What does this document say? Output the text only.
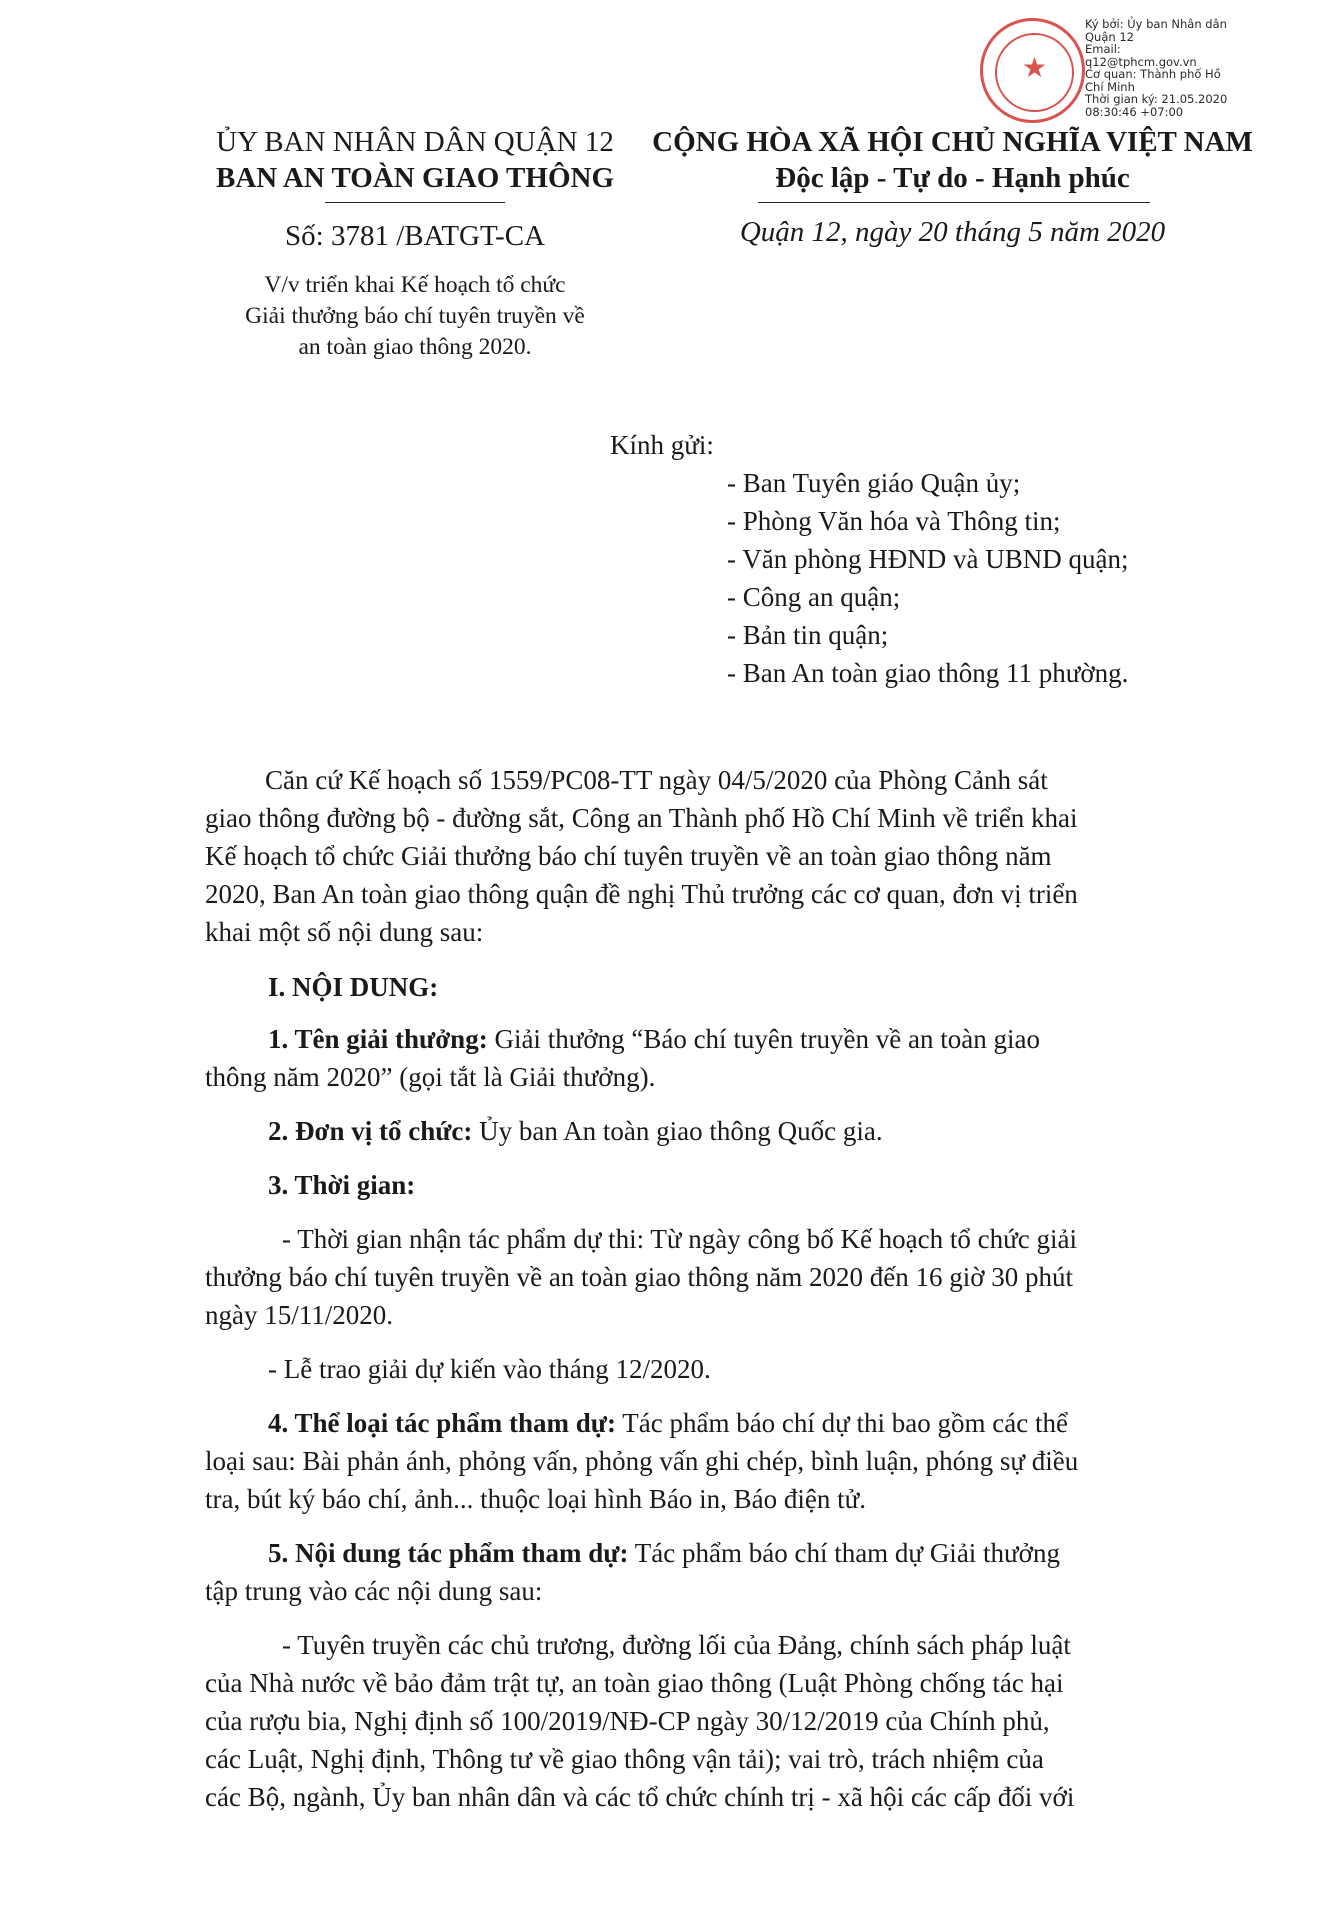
★
Ký bởi: Ủy ban Nhân dân
Quận 12
Email:
q12@tphcm.gov.vn
Cơ quan: Thành phố Hồ
Chí Minh
Thời gian ký: 21.05.2020
08:30:46 +07:00
ỦY BAN NHÂN DÂN QUẬN 12
BAN AN TOÀN GIAO THÔNG
Số: 3781 /BATGT-CA
CỘNG HÒA XÃ HỘI CHỦ NGHĨA VIỆT NAM
Độc lập - Tự do - Hạnh phúc
Quận 12, ngày 20 tháng 5 năm 2020
V/v triển khai Kế hoạch tổ chức
Giải thưởng báo chí tuyên truyền về
an toàn giao thông 2020.
Kính gửi:
- Ban Tuyên giáo Quận ủy;
- Phòng Văn hóa và Thông tin;
- Văn phòng HĐND và UBND quận;
- Công an quận;
- Bản tin quận;
- Ban An toàn giao thông 11 phường.
Căn cứ Kế hoạch số 1559/PC08-TT ngày 04/5/2020 của Phòng Cảnh sát
giao thông đường bộ - đường sắt, Công an Thành phố Hồ Chí Minh về triển khai
Kế hoạch tổ chức Giải thưởng báo chí tuyên truyền về an toàn giao thông năm
2020, Ban An toàn giao thông quận đề nghị Thủ trưởng các cơ quan, đơn vị triển
khai một số nội dung sau:
I. NỘI DUNG:
1. Tên giải thưởng: Giải thưởng “Báo chí tuyên truyền về an toàn giao
thông năm 2020” (gọi tắt là Giải thưởng).
2. Đơn vị tổ chức: Ủy ban An toàn giao thông Quốc gia.
3. Thời gian:
- Thời gian nhận tác phẩm dự thi: Từ ngày công bố Kế hoạch tổ chức giải
thưởng báo chí tuyên truyền về an toàn giao thông năm 2020 đến 16 giờ 30 phút
ngày 15/11/2020.
- Lễ trao giải dự kiến vào tháng 12/2020.
4. Thể loại tác phẩm tham dự: Tác phẩm báo chí dự thi bao gồm các thể
loại sau: Bài phản ánh, phỏng vấn, phỏng vấn ghi chép, bình luận, phóng sự điều
tra, bút ký báo chí, ảnh... thuộc loại hình Báo in, Báo điện tử.
5. Nội dung tác phẩm tham dự: Tác phẩm báo chí tham dự Giải thưởng
tập trung vào các nội dung sau:
- Tuyên truyền các chủ trương, đường lối của Đảng, chính sách pháp luật
của Nhà nước về bảo đảm trật tự, an toàn giao thông (Luật Phòng chống tác hại
của rượu bia, Nghị định số 100/2019/NĐ-CP ngày 30/12/2019 của Chính phủ,
các Luật, Nghị định, Thông tư về giao thông vận tải); vai trò, trách nhiệm của
các Bộ, ngành, Ủy ban nhân dân và các tổ chức chính trị - xã hội các cấp đối với
